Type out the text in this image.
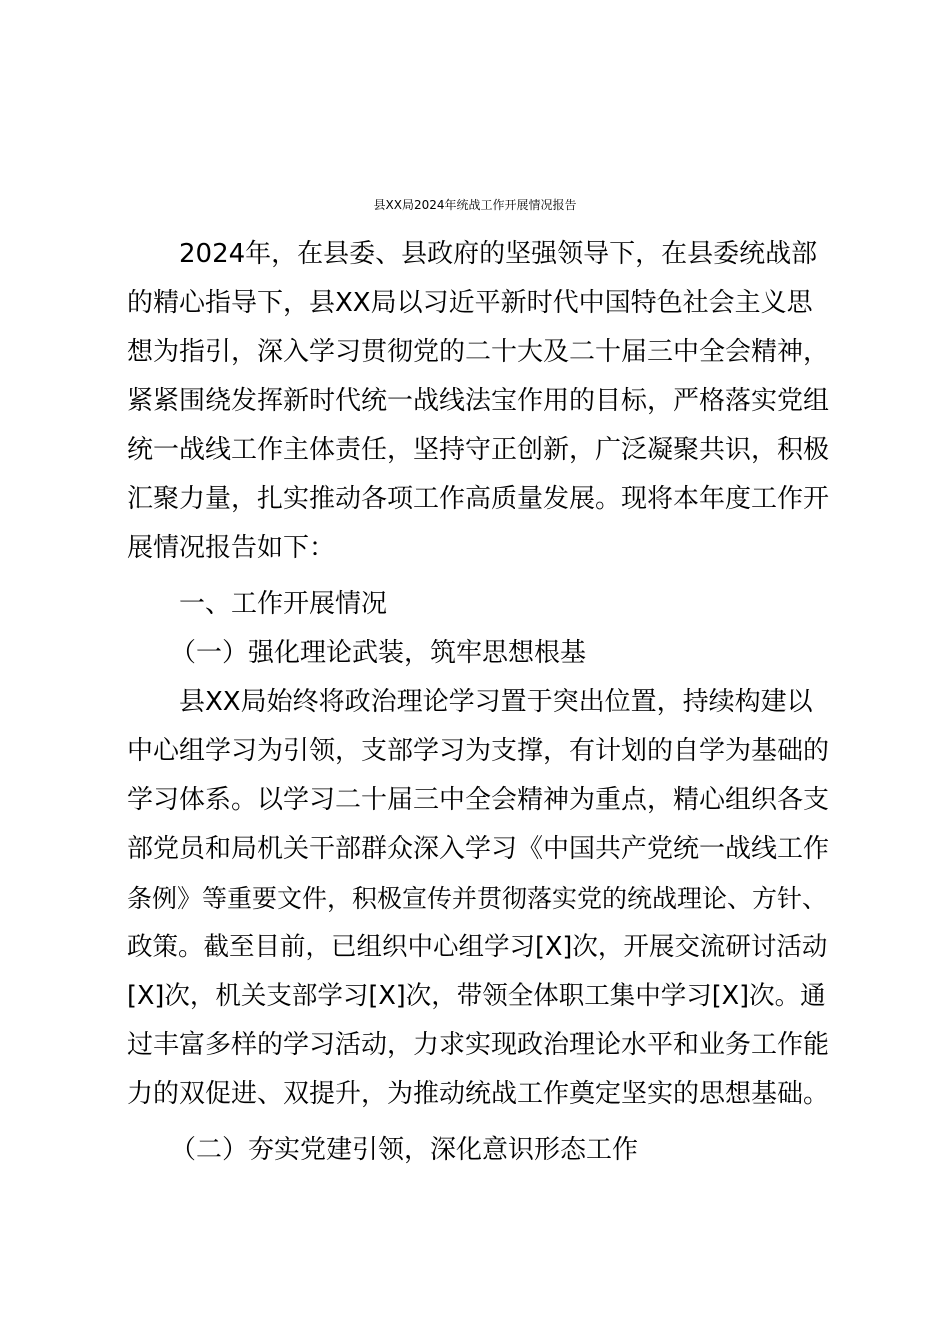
县XX局2024年统战工作开展情况报告
2024年，在县委、县政府的坚强领导下，在县委统战部
的精心指导下，县XX局以习近平新时代中国特色社会主义思
想为指引，深入学习贯彻党的二十大及二十届三中全会精神，
紧紧围绕发挥新时代统一战线法宝作用的目标，严格落实党组
统一战线工作主体责任，坚持守正创新，广泛凝聚共识，积极
汇聚力量，扎实推动各项工作高质量发展。现将本年度工作开
展情况报告如下：
一、工作开展情况
（一）强化理论武装，筑牢思想根基
县XX局始终将政治理论学习置于突出位置，持续构建以
中心组学习为引领，支部学习为支撑，有计划的自学为基础的
学习体系。以学习二十届三中全会精神为重点，精心组织各支
部党员和局机关干部群众深入学习《中国共产党统一战线工作
条例》等重要文件，积极宣传并贯彻落实党的统战理论、方针、
政策。截至目前，已组织中心组学习[X]次，开展交流研讨活动
[X]次，机关支部学习[X]次，带领全体职工集中学习[X]次。通
过丰富多样的学习活动，力求实现政治理论水平和业务工作能
力的双促进、双提升，为推动统战工作奠定坚实的思想基础。
（二）夯实党建引领，深化意识形态工作
